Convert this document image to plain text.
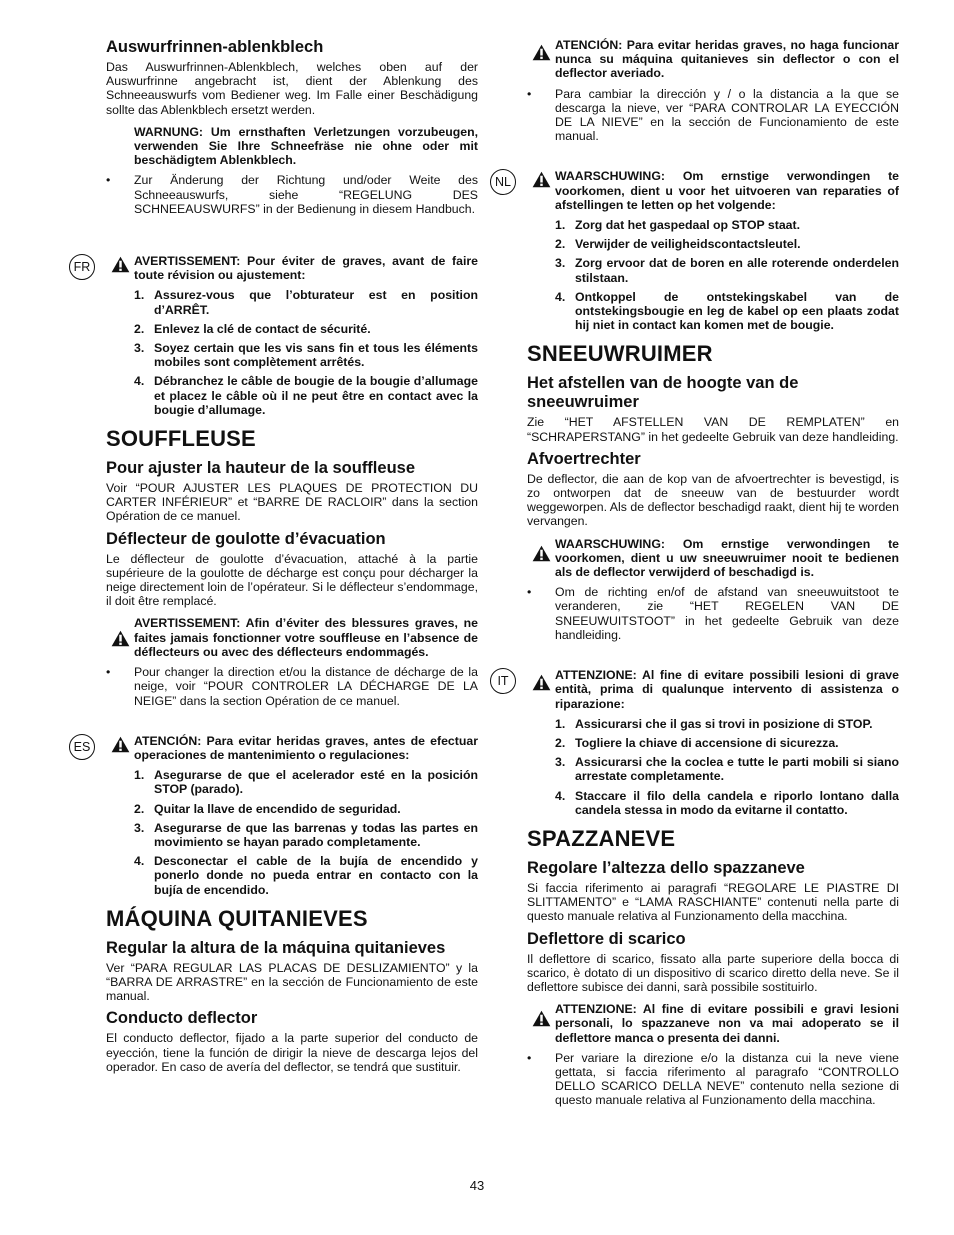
Auswurfrinnen-ablenkblech

Das Auswurfrinnen-Ablenkblech, welches oben auf der Auswurfrinne angebracht ist, dient der Ablenkung des Schneeauswurfs vom Bediener weg. Im Falle einer Beschädigung sollte das Ablenkblech ersetzt werden.

WARNUNG: Um ernsthaften Verletzungen vorzubeugen, verwenden Sie Ihre Schneefräse nie ohne oder mit beschädigtem Ablenkblech.

• Zur Änderung der Richtung und/oder Weite des Schneeauswurfs, siehe “REGELUNG DES SCHNEEAUSWURFS” in der Bedienung in diesem Handbuch.
FR	AVERTISSEMENT: Pour éviter de graves, avant de faire toute révision ou ajustement:

1. Assurez-vous que l’obturateur est en position d’ARRÊT.
2. Enlevez la clé de contact de sécurité.
3. Soyez certain que les vis sans fin et tous les éléments mobiles sont complètement arrêtés.
4. Débranchez le câble de bougie de la bougie d’allumage et placez le câble où il ne peut être en contact avec la bougie d’allumage.
SOUFFLEUSE
Pour ajuster la hauteur de la souffleuse

Voir “POUR AJUSTER LES PLAQUES DE PROTECTION DU CARTER INFÉRIEUR” et “BARRE DE RACLOIR” dans la section Opération de ce manuel.

Déflecteur de goulotte d’évacuation

Le déflecteur de goulotte d’évacuation, attaché à la partie supérieure de la goulotte de décharge est conçu pour décharger la neige directement loin de l’opérateur. Si le déflecteur s’endommage, il doit être remplacé.

AVERTISSEMENT: Afin d’éviter des blessures graves, ne faites jamais fonctionner votre souffleuse en l’absence de déflecteurs ou avec des déflecteurs endommagés.

• Pour changer la direction et/ou la distance de décharge de la neige, voir “POUR CONTROLER LA DÉCHARGE DE LA NEIGE” dans la section Opération de ce manuel.
ES	ATENCIÓN: Para evitar heridas graves, antes de efectuar operaciones de mantenimiento o regulaciones:

1. Asegurarse de que el acelerador esté en la posición STOP (parado).
2. Quitar la llave de encendido de seguridad.
3. Asegurarse de que las barrenas y todas las partes en movimiento se hayan parado completamente.
4. Desconectar el cable de la bujía de encendido y ponerlo donde no pueda entrar en contacto con la bujía de encendido.
MÁQUINA QUITANIEVES
Regular la altura de la máquina quitanieves

Ver “PARA REGULAR LAS PLACAS DE DESLIZAMIENTO” y la “BARRA DE ARRASTRE” en la sección de Funcionamiento de este manual.

Conducto deflector

El conducto deflector, fijado a la parte superior del conducto de eyección, tiene la función de dirigir la nieve de descarga lejos del operador. En caso de avería del deflector, se tendrá que sustituir.

ATENCIÓN: Para evitar heridas graves, no haga funcionar nunca su máquina quitanieves sin deflector o con el deflector averiado.

• Para cambiar la dirección y / o la distancia a la que se descarga la nieve, ver “PARA CONTROLAR LA EYECCIÓN DE LA NIEVE” en la sección de Funcionamiento de este manual.
NL	WAARSCHUWING: Om ernstige verwondingen te voorkomen, dient u voor het uitvoeren van reparaties of afstellingen te letten op het volgende:

1. Zorg dat het gaspedaal op STOP staat.
2. Verwijder de veiligheidscontactsleutel.
3. Zorg ervoor dat de boren en alle roterende onderdelen stilstaan.
4. Ontkoppel de ontstekingskabel van de ontstekingsbougie en leg de kabel op een plaats zodat hij niet in contact kan komen met de bougie.
SNEEUWRUIMER
Het afstellen van de hoogte van de sneeuwruimer

Zie “HET AFSTELLEN VAN DE REMPLATEN” en “SCHRAPERSTANG” in het gedeelte Gebruik van deze handleiding.

Afvoertrechter

De deflector, die aan de kop van de afvoertrechter is bevestigd, is zo ontworpen dat de sneeuw van de bestuurder wordt weggeworpen. Als de deflector beschadigd raakt, dient hij te worden vervangen.

WAARSCHUWING: Om ernstige verwondingen te voorkomen, dient u uw sneeuwruimer nooit te bedienen als de deflector verwijderd of beschadigd is.

• Om de richting en/of de afstand van sneeuwuitstoot te veranderen, zie “HET REGELEN VAN DE SNEEUWUITSTOOT” in het gedeelte Gebruik van deze handleiding.
IT	ATTENZIONE: Al fine di evitare possibili lesioni di grave entità, prima di qualunque intervento di assistenza o riparazione:

1. Assicurarsi che il gas si trovi in posizione di STOP.
2. Togliere la chiave di accensione di sicurezza.
3. Assicurarsi che la coclea e tutte le parti mobili si siano arrestate completamente.
4. Staccare il filo della candela e riporlo lontano dalla candela stessa in modo da evitarne il contatto.
SPAZZANEVE
Regolare l’altezza dello spazzaneve

Si faccia riferimento ai paragrafi “REGOLARE LE PIASTRE DI SLITTAMENTO” e “LAMA RASCHIANTE” contenuti nella parte di questo manuale relativa al Funzionamento della macchina.

Deflettore di scarico

Il deflettore di scarico, fissato alla parte superiore della bocca di scarico, è dotato di un dispositivo di scarico diretto della neve. Se il deflettore subisce dei danni, sarà possibile sostituirlo.

ATTENZIONE: Al fine di evitare possibili e gravi lesioni personali, lo spazzaneve non va mai adoperato se il deflettore manca o presenta dei danni.

• Per variare la direzione e/o la distanza cui la neve viene gettata, si faccia riferimento al paragrafo “CONTROLLO DELLO SCARICO DELLA NEVE” contenuto nella sezione di questo manuale relativa al Funzionamento della macchina.
43
